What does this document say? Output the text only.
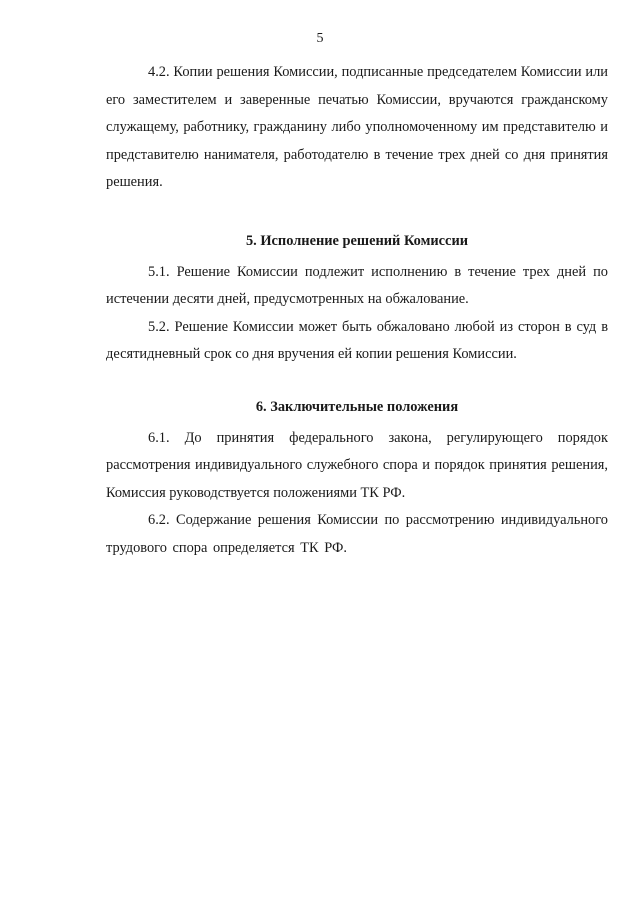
5

4.2. Копии решения Комиссии, подписанные председателем Комиссии или его заместителем и заверенные печатью Комиссии, вручаются гражданскому служащему, работнику, гражданину либо уполномоченному им представителю и представителю нанимателя, работодателю в течение трех дней со дня принятия решения.

5. Исполнение решений Комиссии

5.1. Решение Комиссии подлежит исполнению в течение трех дней по истечении десяти дней, предусмотренных на обжалование.

5.2. Решение Комиссии может быть обжаловано любой из сторон в суд в десятидневный срок со дня вручения ей копии решения Комиссии.

6. Заключительные положения

6.1. До принятия федерального закона, регулирующего порядок рассмотрения индивидуального служебного спора и порядок принятия решения, Комиссия руководствуется положениями ТК РФ.

6.2. Содержание решения Комиссии по рассмотрению индивидуального трудового спора определяется ТК РФ.
